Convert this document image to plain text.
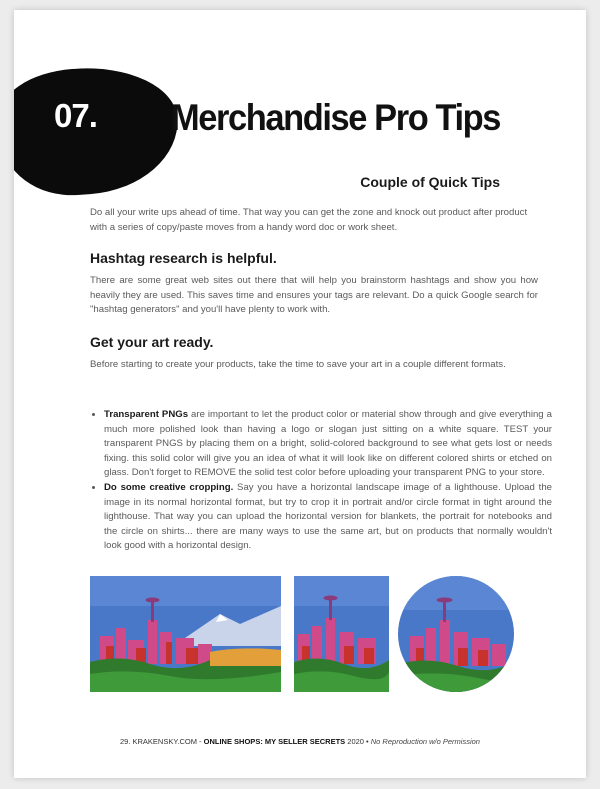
07. Merchandise Pro Tips
Couple of Quick Tips
Do all your write ups ahead of time. That way you can get the zone and knock out product after product with a series of copy/paste moves from a handy word doc or work sheet.
Hashtag research is helpful.
There are some great web sites out there that will help you brainstorm hashtags and show you how heavily they are used. This saves time and ensures your tags are relevant. Do a quick Google search for "hashtag generators" and you'll have plenty to work with.
Get your art ready.
Before starting to create your products, take the time to save your art in a couple different formats.
• Transparent PNGs are important to let the product color or material show through and give everything a much more polished look than having a logo or slogan just sitting on a white square. TEST your transparent PNGS by placing them on a bright, solid-colored background to see what gets lost or needs fixing. this solid color will give you an idea of what it will look like on different colored shirts or etched on glass. Don't forget to REMOVE the solid test color before uploading your transparent PNG to your store.
• Do some creative cropping. Say you have a horizontal landscape image of a lighthouse. Upload the image in its normal horizontal format, but try to crop it in portrait and/or circle format in tight around the lighthouse. That way you can upload the horizontal version for blankets, the portrait for notebooks and the circle on shirts... there are many ways to use the same art, but on products that normally wouldn't look good with a horizontal design.
29. KRAKENSKY.COM - ONLINE SHOPS: MY SELLER SECRETS 2020 • No Reproduction w/o Permission
